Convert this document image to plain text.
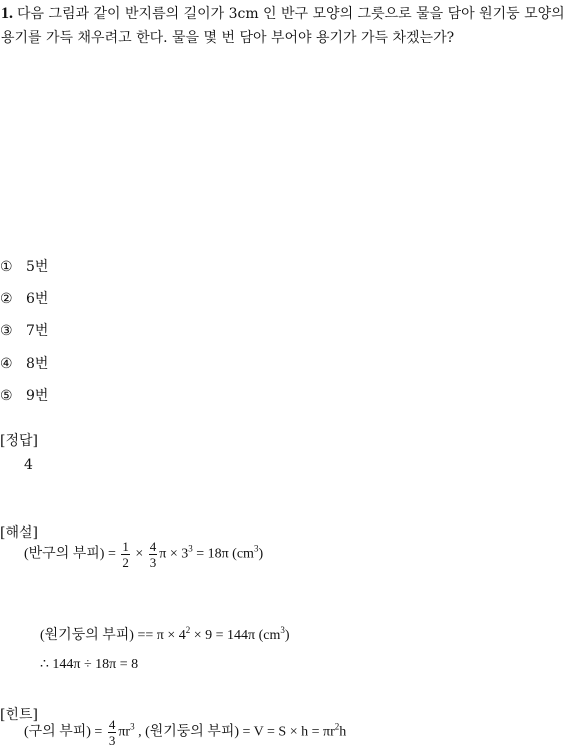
1. 다음 그림과 같이 반지름의 길이가 3cm 인 반구 모양의 그릇으로 물을 담아 원기둥 모양의 용기를 가득 채우려고 한다. 물을 몇 번 담아 부어야 용기가 가득 차겠는가?
① 5번
② 6번
③ 7번
④ 8번
⑤ 9번
[정답]
4
[해설]
(반구의 부피) = $\frac{1}{2} \times \frac{4}{3}$ $\pi \times 3^3 = 18\pi$ $(cm^3)$
(원기둥의 부피) == $\pi \times 4^2 \times 9 = 144\pi$ $(cm^3)$
∴ 144π ÷ 18π = 8
[힌트]
(구의 부피) = $\frac{4}{3} \pi r^3$ , (원기둥의 부피) = $V = S \times h = \pi r^2h$
